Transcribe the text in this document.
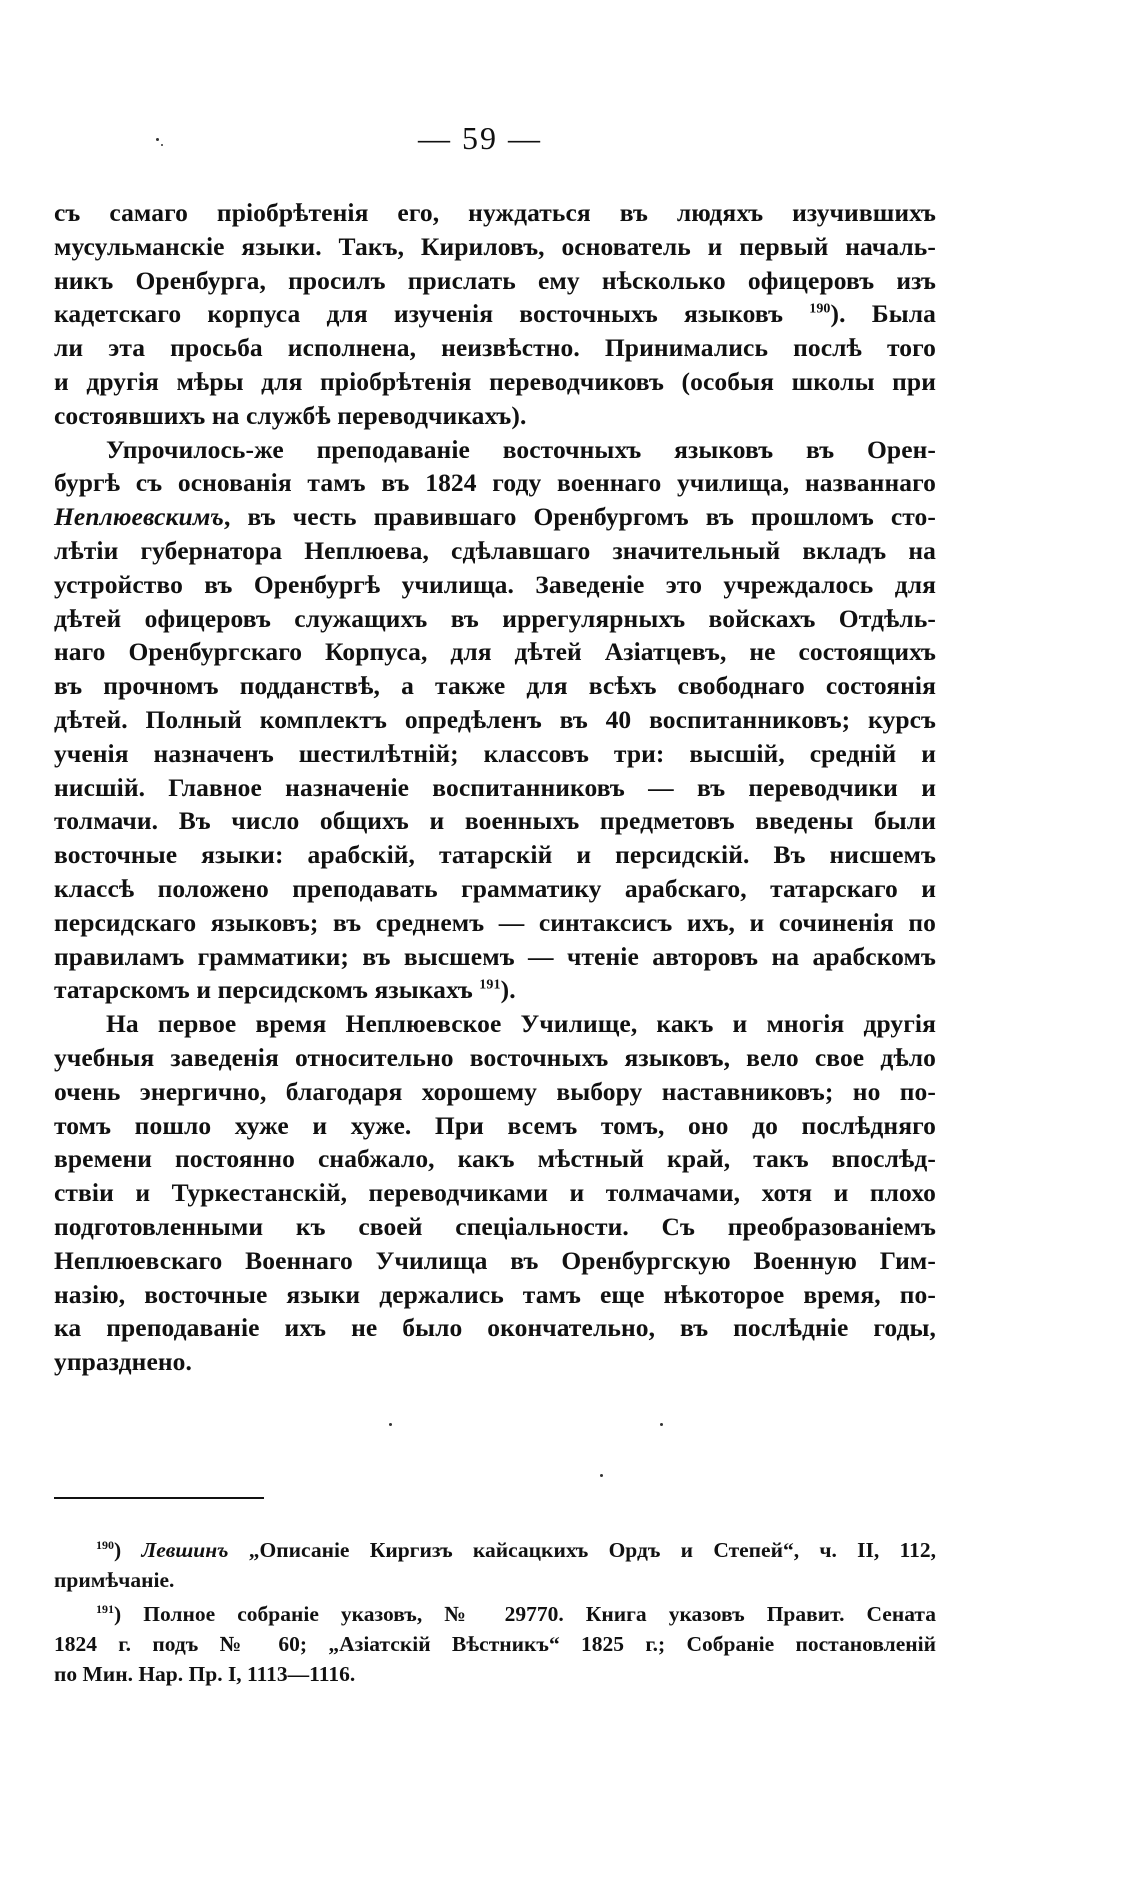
— 59 —

съ самаго пріобрѣтенія его, нуждаться въ людяхъ изучившихъ
мусульманскіе языки. Такъ, Кириловъ, основатель и первый началь-
никъ Оренбурга, просилъ прислать ему нѣсколько офицеровъ изъ
кадетскаго корпуса для изученія восточныхъ языковъ $^{190}$). Была
ли эта просьба исполнена, неизвѣстно. Принимались послѣ того
и другія мѣры для пріобрѣтенія переводчиковъ (особыя школы при
состоявшихъ на службѣ переводчикахъ).

Упрочилось-же преподаваніе восточныхъ языковъ въ Орен-
бургѣ съ основанія тамъ въ 1824 году военнаго училища, названнаго
Неплюевскимъ, въ честь правившаго Оренбургомъ въ прошломъ сто-
лѣтіи губернатора Неплюева, сдѣлавшаго значительный вкладъ на
устройство въ Оренбургѣ училища. Заведеніе это учреждалось для
дѣтей офицеровъ служащихъ въ иррегулярныхъ войскахъ Отдѣль-
наго Оренбургскаго Корпуса, для дѣтей Азіатцевъ, не состоящихъ
въ прочномъ подданствѣ, а также для всѣхъ свободнаго состоянія
дѣтей. Полный комплектъ опредѣленъ въ 40 воспитанниковъ; курсъ
ученія назначенъ шестилѣтній; классовъ три: высшій, средній и
нисшій. Главное назначеніе воспитанниковъ — въ переводчики и
толмачи. Въ число общихъ и военныхъ предметовъ введены были
восточные языки: арабскій, татарскій и персидскій. Въ нисшемъ
классѣ положено преподавать грамматику арабскаго, татарскаго и
персидскаго языковъ; въ среднемъ — синтаксисъ ихъ, и сочиненія по
правиламъ грамматики; въ высшемъ — чтеніе авторовъ на арабскомъ
татарскомъ и персидскомъ языкахъ $^{191}$).

На первое время Неплюевское Училище, какъ и многія другія
учебныя заведенія относительно восточныхъ языковъ, вело свое дѣло
очень энергично, благодаря хорошему выбору наставниковъ; но по-
томъ пошло хуже и хуже. При всемъ томъ, оно до послѣдняго
времени постоянно снабжало, какъ мѣстный край, такъ впослѣд-
ствіи и Туркестанскій, переводчиками и толмачами, хотя и плохо
подготовленными къ своей спеціальности. Съ преобразованіемъ
Неплюевскаго Военнаго Училища въ Оренбургскую Военную Гим-
назію, восточные языки держались тамъ еще нѣкоторое время, по-
ка преподаваніе ихъ не было окончательно, въ послѣдніе годы,
упразднено.

$^{190}$) Левшинъ „Описаніе Киргизъ кайсацкихъ Ордъ и Степей“, ч. II, 112,
примѣчаніе.

$^{191}$) Полное собраніе указовъ, № 29770. Книга указовъ Правит. Сената
1824 г. подъ № 60; „Азіатскій Вѣстникъ“ 1825 г.; Собраніе постановленій
по Мин. Нар. Пр. I, 1113—1116.
